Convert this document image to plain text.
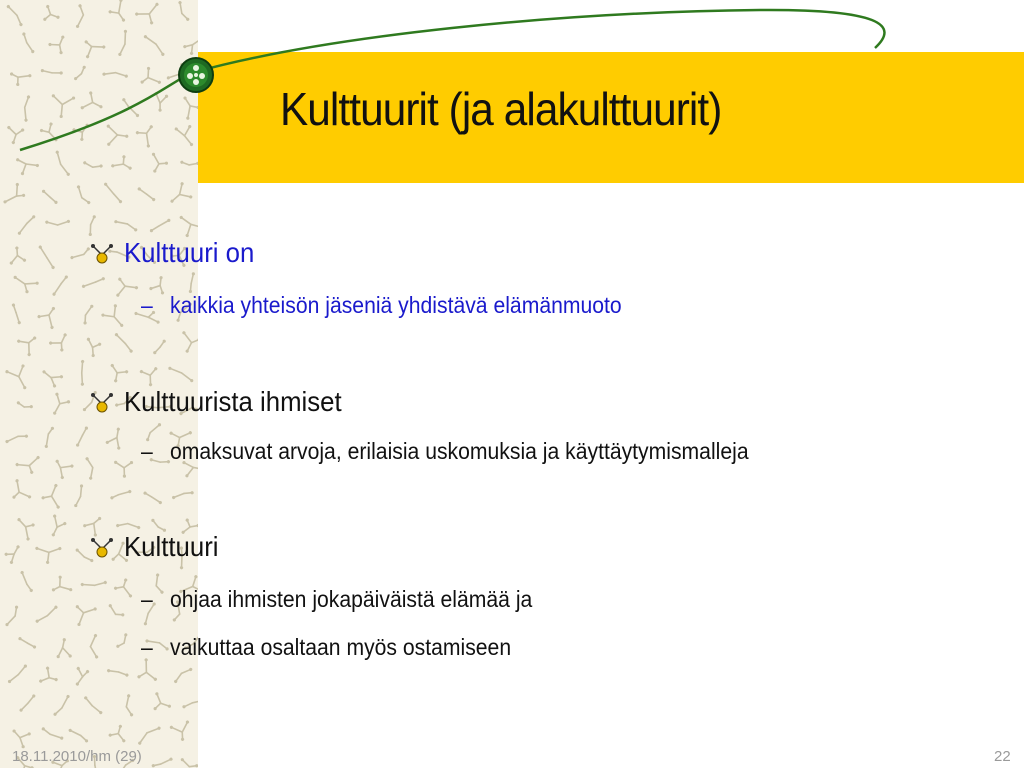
Kulttuurit (ja alakulttuurit)
Kulttuuri on
– kaikkia yhteisön jäseniä yhdistävä elämänmuoto
Kulttuurista ihmiset
– omaksuvat arvoja, erilaisia uskomuksia ja käyttäytymismalleja
Kulttuuri
– ohjaa ihmisten jokapäiväistä elämää ja
– vaikuttaa osaltaan myös ostamiseen
18.11.2010/hm (29)	22
